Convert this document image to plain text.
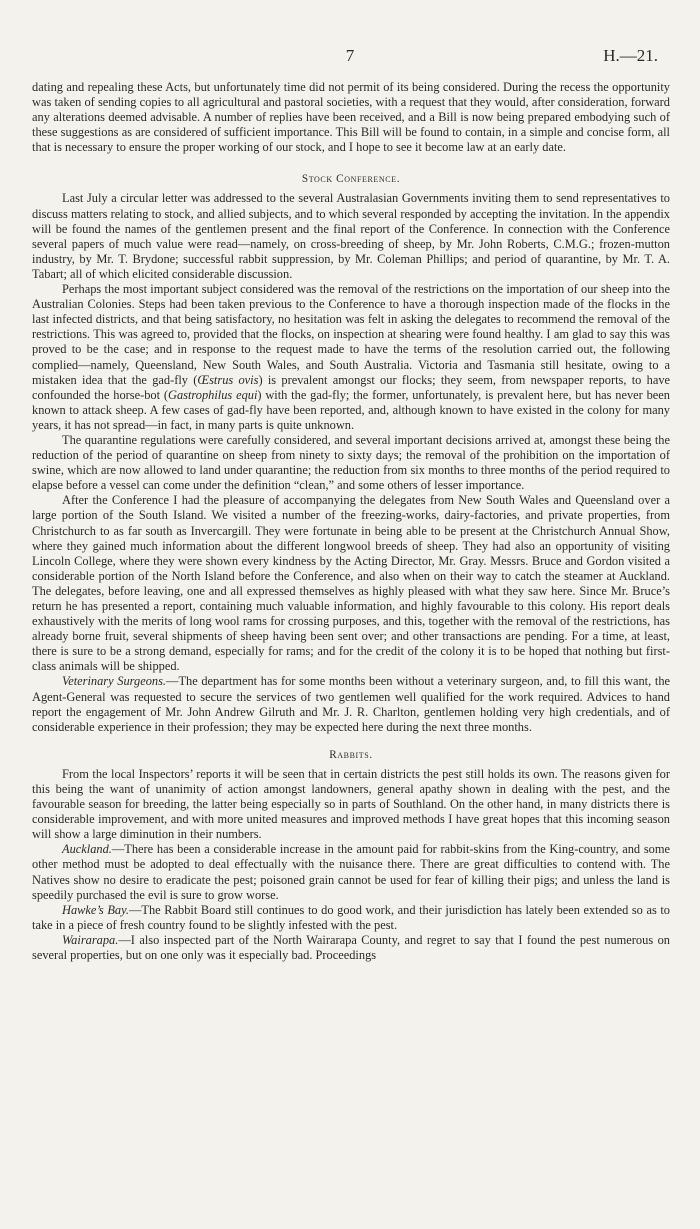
7	H.—21.

dating and repealing these Acts, but unfortunately time did not permit of its being considered. During the recess the opportunity was taken of sending copies to all agricultural and pastoral societies, with a request that they would, after consideration, forward any alterations deemed advisable. A number of replies have been received, and a Bill is now being prepared embodying such of these suggestions as are considered of sufficient importance. This Bill will be found to contain, in a simple and concise form, all that is necessary to ensure the proper working of our stock, and I hope to see it become law at an early date.

Stock Conference.

Last July a circular letter was addressed to the several Australasian Governments inviting them to send representatives to discuss matters relating to stock, and allied subjects, and to which several responded by accepting the invitation. In the appendix will be found the names of the gentlemen present and the final report of the Conference. In connection with the Conference several papers of much value were read—namely, on cross-breeding of sheep, by Mr. John Roberts, C.M.G.; frozen-mutton industry, by Mr. T. Brydone; successful rabbit suppression, by Mr. Coleman Phillips; and period of quarantine, by Mr. T. A. Tabart; all of which elicited considerable discussion.

Perhaps the most important subject considered was the removal of the restrictions on the importation of our sheep into the Australian Colonies. Steps had been taken previous to the Conference to have a thorough inspection made of the flocks in the last infected districts, and that being satisfactory, no hesitation was felt in asking the delegates to recommend the removal of the restrictions. This was agreed to, provided that the flocks, on inspection at shearing were found healthy. I am glad to say this was proved to be the case; and in response to the request made to have the terms of the resolution carried out, the following complied—namely, Queensland, New South Wales, and South Australia. Victoria and Tasmania still hesitate, owing to a mistaken idea that the gad-fly (Œstrus ovis) is prevalent amongst our flocks; they seem, from newspaper reports, to have confounded the horse-bot (Gastrophilus equi) with the gad-fly; the former, unfortunately, is prevalent here, but has never been known to attack sheep. A few cases of gad-fly have been reported, and, although known to have existed in the colony for many years, it has not spread—in fact, in many parts is quite unknown.

The quarantine regulations were carefully considered, and several important decisions arrived at, amongst these being the reduction of the period of quarantine on sheep from ninety to sixty days; the removal of the prohibition on the importation of swine, which are now allowed to land under quarantine; the reduction from six months to three months of the period required to elapse before a vessel can come under the definition “clean,” and some others of lesser importance.

After the Conference I had the pleasure of accompanying the delegates from New South Wales and Queensland over a large portion of the South Island. We visited a number of the freezing-works, dairy-factories, and private properties, from Christchurch to as far south as Invercargill. They were fortunate in being able to be present at the Christchurch Annual Show, where they gained much information about the different longwool breeds of sheep. They had also an opportunity of visiting Lincoln College, where they were shown every kindness by the Acting Director, Mr. Gray. Messrs. Bruce and Gordon visited a considerable portion of the North Island before the Conference, and also when on their way to catch the steamer at Auckland. The delegates, before leaving, one and all expressed themselves as highly pleased with what they saw here. Since Mr. Bruce’s return he has presented a report, containing much valuable information, and highly favourable to this colony. His report deals exhaustively with the merits of long wool rams for crossing purposes, and this, together with the removal of the restrictions, has already borne fruit, several shipments of sheep having been sent over; and other transactions are pending. For a time, at least, there is sure to be a strong demand, especially for rams; and for the credit of the colony it is to be hoped that nothing but first-class animals will be shipped.

Veterinary Surgeons.—The department has for some months been without a veterinary surgeon, and, to fill this want, the Agent-General was requested to secure the services of two gentlemen well qualified for the work required. Advices to hand report the engagement of Mr. John Andrew Gilruth and Mr. J. R. Charlton, gentlemen holding very high credentials, and of considerable experience in their profession; they may be expected here during the next three months.

Rabbits.

From the local Inspectors’ reports it will be seen that in certain districts the pest still holds its own. The reasons given for this being the want of unanimity of action amongst landowners, general apathy shown in dealing with the pest, and the favourable season for breeding, the latter being especially so in parts of Southland. On the other hand, in many districts there is considerable improvement, and with more united measures and improved methods I have great hopes that this incoming season will show a large diminution in their numbers.

Auckland.—There has been a considerable increase in the amount paid for rabbit-skins from the King-country, and some other method must be adopted to deal effectually with the nuisance there. There are great difficulties to contend with. The Natives show no desire to eradicate the pest; poisoned grain cannot be used for fear of killing their pigs; and unless the land is speedily purchased the evil is sure to grow worse.

Hawke’s Bay.—The Rabbit Board still continues to do good work, and their jurisdiction has lately been extended so as to take in a piece of fresh country found to be slightly infested with the pest.

Wairarapa.—I also inspected part of the North Wairarapa County, and regret to say that I found the pest numerous on several properties, but on one only was it especially bad. Proceedings
